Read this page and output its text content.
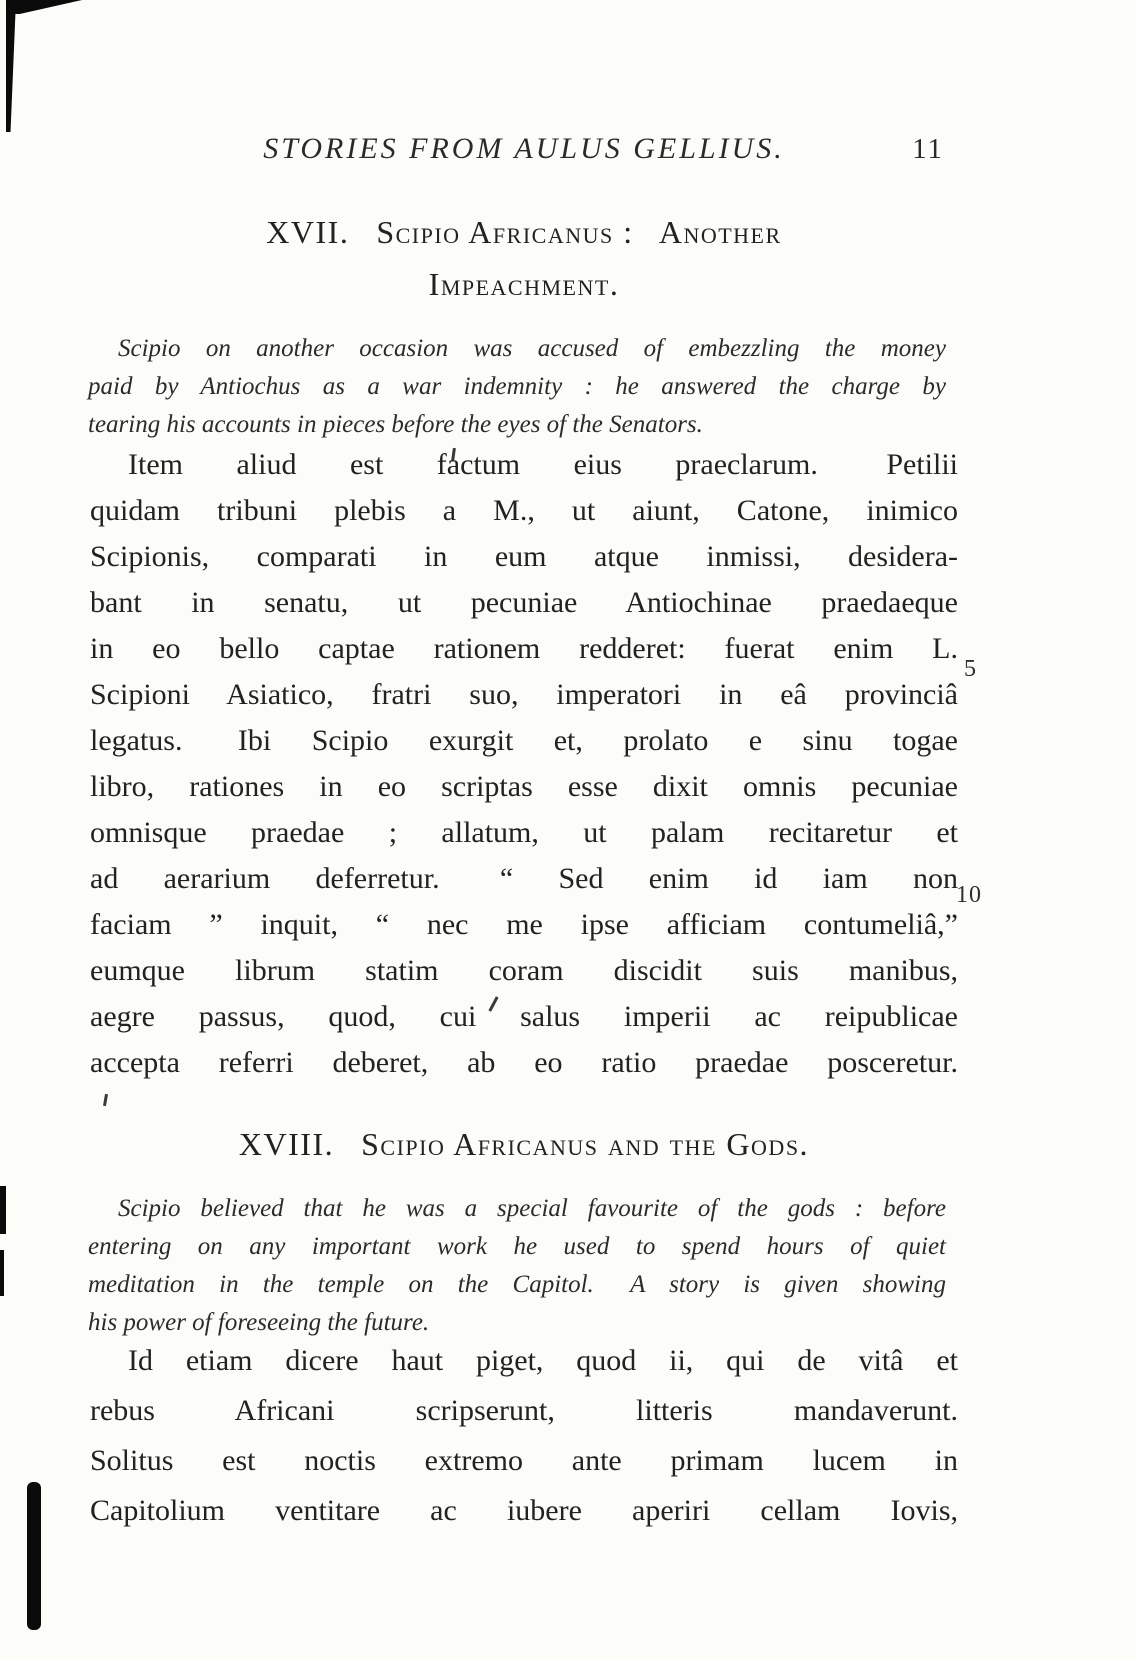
STORIES FROM AULUS GELLIUS.	11
XVII.  Scipio Africanus :  Another
Impeachment.
Scipio on another occasion was accused of embezzling the money
paid by Antiochus as a war indemnity : he answered the charge by
tearing his accounts in pieces before the eyes of the Senators.
Item aliud est factum eius praeclarum.  Petilii
quidam tribuni plebis a M., ut aiunt, Catone, inimico
Scipionis, comparati in eum atque inmissi, desidera-
bant in senatu, ut pecuniae Antiochinae praedaeque
in eo bello captae rationem redderet: fuerat enim L.
Scipioni Asiatico, fratri suo, imperatori in eâ provinciâ
legatus.  Ibi Scipio exurgit et, prolato e sinu togae
libro, rationes in eo scriptas esse dixit omnis pecuniae
omnisque praedae ; allatum, ut palam recitaretur et
ad aerarium deferretur.  “ Sed enim id iam non
faciam ” inquit, “ nec me ipse afficiam contumeliâ,”
eumque librum statim coram discidit suis manibus,
aegre passus, quod, cui salus imperii ac reipublicae
accepta referri deberet, ab eo ratio praedae posceretur.
5
10
XVIII.  Scipio Africanus and the Gods.
Scipio believed that he was a special favourite of the gods : before
entering on any important work he used to spend hours of quiet
meditation in the temple on the Capitol.  A story is given showing
his power of foreseeing the future.
Id etiam dicere haut piget, quod ii, qui de vitâ et
rebus Africani scripserunt, litteris mandaverunt.
Solitus est noctis extremo ante primam lucem in
Capitolium ventitare ac iubere aperiri cellam Iovis,
